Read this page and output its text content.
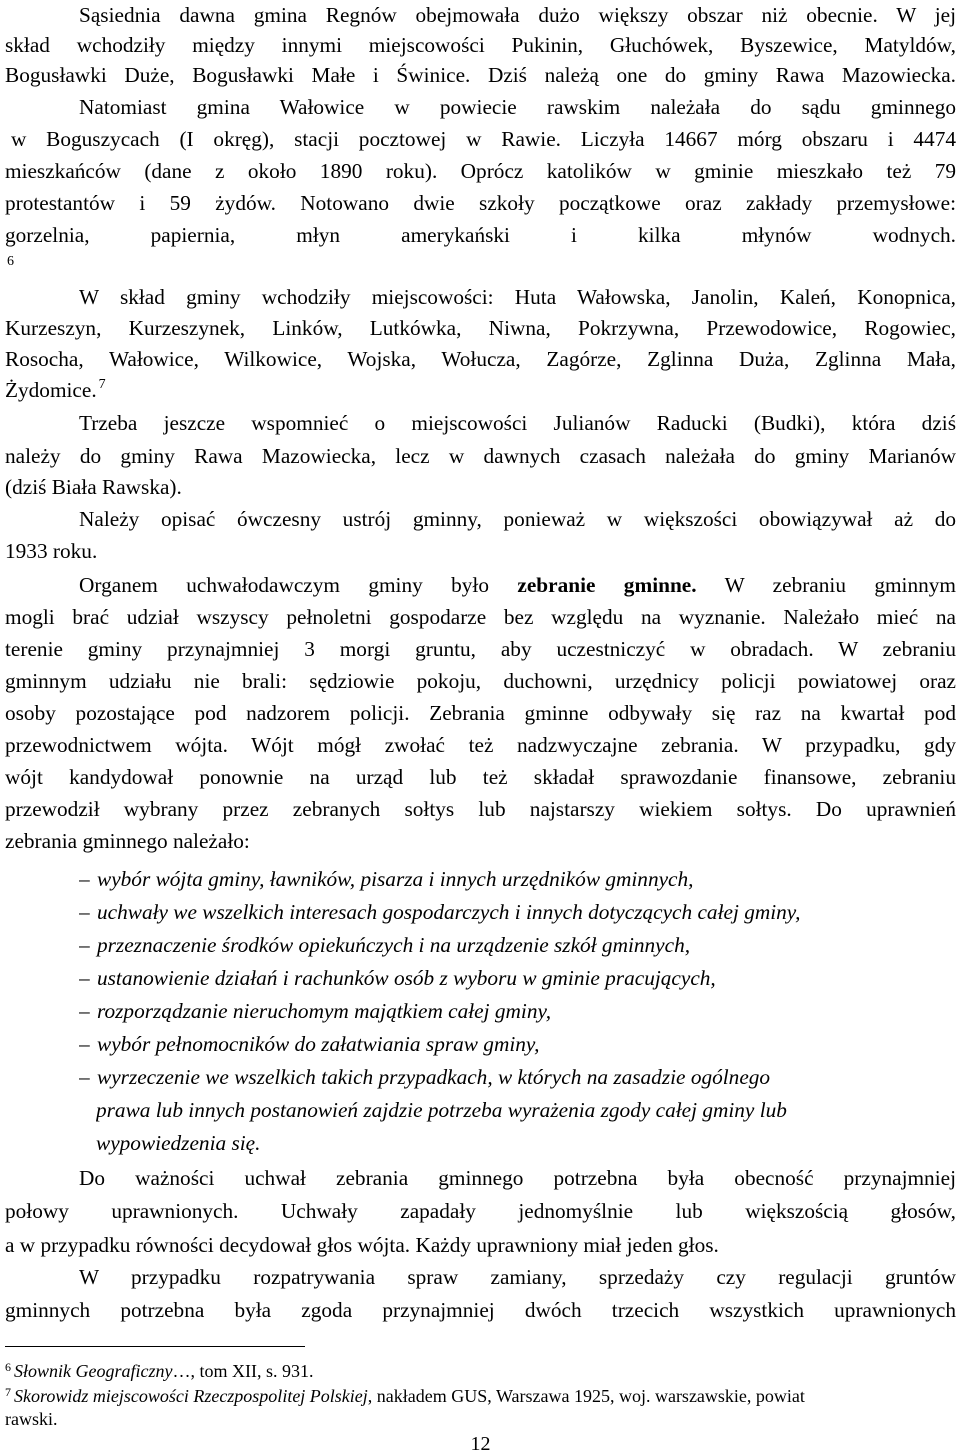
Sąsiednia dawna gmina Regnów obejmowała dużo większy obszar niż obecnie. W jej

skład wchodziły między innymi miejscowości Pukinin, Głuchówek, Byszewice, Matyldów,

Bogusławki Duże, Bogusławki Małe i Świnice. Dziś należą one do gminy Rawa Mazowiecka.

Natomiast gmina Wałowice w powiecie rawskim należała do sądu gminnego

w Boguszycach (I okręg), stacji pocztowej w Rawie. Liczyła 14667 mórg obszaru i 4474

mieszkańców (dane z około 1890 roku). Oprócz katolików w gminie mieszkało też 79

protestantów i 59 żydów. Notowano dwie szkoły początkowe oraz zakłady przemysłowe:

gorzelnia, papiernia, młyn amerykański i kilka młynów wodnych.

$^6$

W skład gminy wchodziły miejscowości: Huta Wałowska, Janolin, Kaleń, Konopnica,

Kurzeszyn, Kurzeszynek, Linków, Lutkówka, Niwna, Pokrzywna, Przewodowice, Rogowiec,

Rosocha, Wałowice, Wilkowice, Wojska, Wołucza, Zagórze, Zglinna Duża, Zglinna Mała,

Żydomice. $^7$

Trzeba jeszcze wspomnieć o miejscowości Julianów Raducki (Budki), która dziś

należy do gminy Rawa Mazowiecka, lecz w dawnych czasach należała do gminy Marianów

(dziś Biała Rawska).

Należy opisać ówczesny ustrój gminny, ponieważ w większości obowiązywał aż do

1933 roku.

Organem uchwałodawczym gminy było zebranie gminne. W zebraniu gminnym

mogli brać udział wszyscy pełnoletni gospodarze bez względu na wyznanie. Należało mieć na

terenie gminy przynajmniej 3 morgi gruntu, aby uczestniczyć w obradach. W zebraniu

gminnym udziału nie brali: sędziowie pokoju, duchowni, urzędnicy policji powiatowej oraz

osoby pozostające pod nadzorem policji. Zebrania gminne odbywały się raz na kwartał pod

przewodnictwem wójta. Wójt mógł zwołać też nadzwyczajne zebrania. W przypadku, gdy

wójt kandydował ponownie na urząd lub też składał sprawozdanie finansowe, zebraniu

przewodził wybrany przez zebranych sołtys lub najstarszy wiekiem sołtys. Do uprawnień

zebrania gminnego należało:

– wybór wójta gminy, ławników, pisarza i innych urzędników gminnych,

– uchwały we wszelkich interesach gospodarczych i innych dotyczących całej gminy,

– przeznaczenie środków opiekuńczych i na urządzenie szkół gminnych,

– ustanowienie działań i rachunków osób z wyboru w gminie pracujących,

– rozporządzanie nieruchomym majątkiem całej gminy,

– wybór pełnomocników do załatwiania spraw gminy,

– wyrzeczenie we wszelkich takich przypadkach, w których na zasadzie ogólnego

prawa lub innych postanowień zajdzie potrzeba wyrażenia zgody całej gminy lub

wypowiedzenia się.

Do ważności uchwał zebrania gminnego potrzebna była obecność przynajmniej

połowy uprawnionych. Uchwały zapadały jednomyślnie lub większością głosów,

a w przypadku równości decydował głos wójta. Każdy uprawniony miał jeden głos.

W przypadku rozpatrywania spraw zamiany, sprzedaży czy regulacji gruntów

gminnych potrzebna była zgoda przynajmniej dwóch trzecich wszystkich uprawnionych

$^6$ Słownik Geograficzny…, tom XII, s. 931.

$^7$ Skorowidz miejscowości Rzeczpospolitej Polskiej, nakładem GUS, Warszawa 1925, woj. warszawskie, powiat

rawski.

12
